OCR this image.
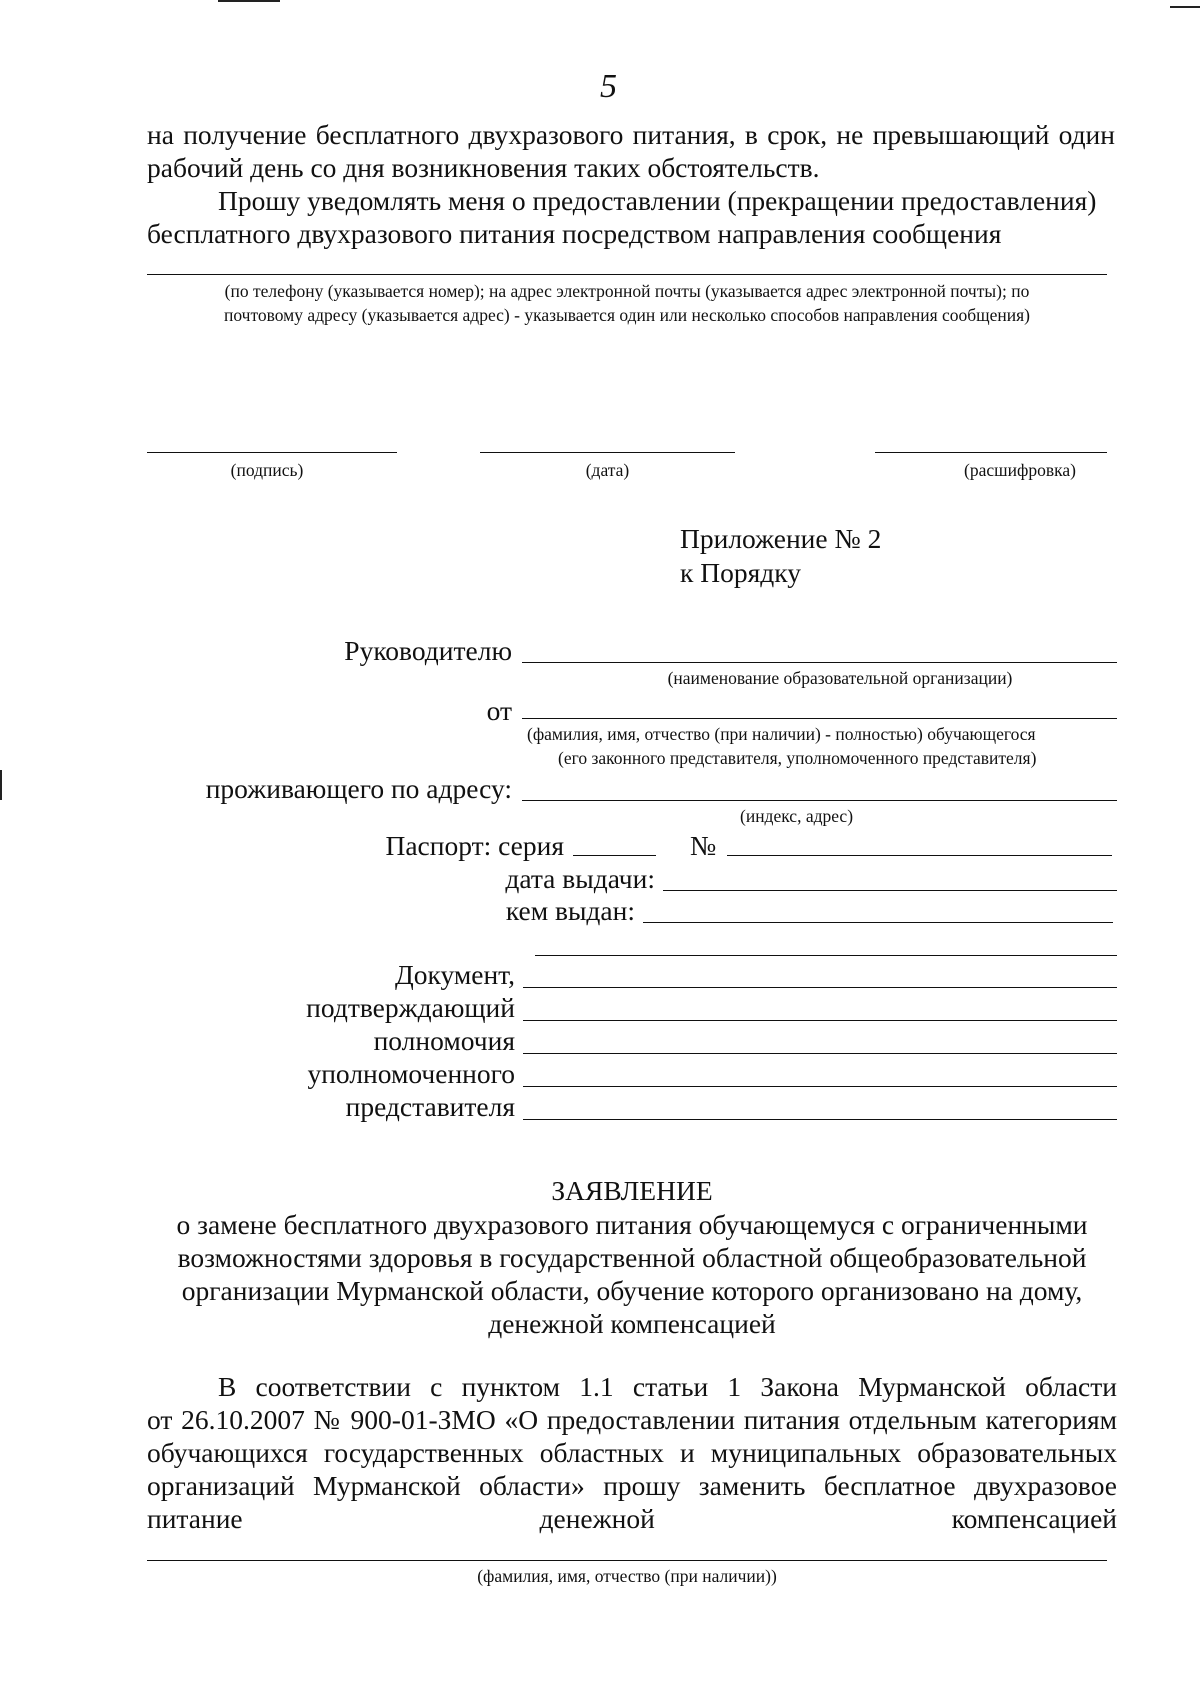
5
на получение бесплатного двухразового питания, в срок, не превышающий один
рабочий день со дня возникновения таких обстоятельств.
Прошу уведомлять меня о предоставлении (прекращении предоставления)
бесплатного двухразового питания посредством направления сообщения
(по телефону (указывается номер); на адрес электронной почты (указывается адрес электронной почты); по
почтовому адресу (указывается адрес) - указывается один или несколько способов направления сообщения)
(подпись)	(дата)	(расшифровка)
Приложение № 2
к Порядку
Руководителю
(наименование образовательной организации)
от
(фамилия, имя, отчество (при наличии) - полностью) обучающегося
(его законного представителя, уполномоченного представителя)
проживающего по адресу:
(индекс, адрес)
Паспорт: серия	№
дата выдачи:
кем выдан:
Документ,
подтверждающий
полномочия
уполномоченного
представителя
ЗАЯВЛЕНИЕ
о замене бесплатного двухразового питания обучающемуся с ограниченными
возможностями здоровья в государственной областной общеобразовательной
организации Мурманской области, обучение которого организовано на дому,
денежной компенсацией
В соответствии с пунктом 1.1 статьи 1 Закона Мурманской области
от 26.10.2007 № 900-01-ЗМО «О предоставлении питания отдельным категориям
обучающихся государственных областных и муниципальных образовательных
организаций Мурманской области» прошу заменить бесплатное двухразовое
питание денежной компенсацией
(фамилия, имя, отчество (при наличии))
